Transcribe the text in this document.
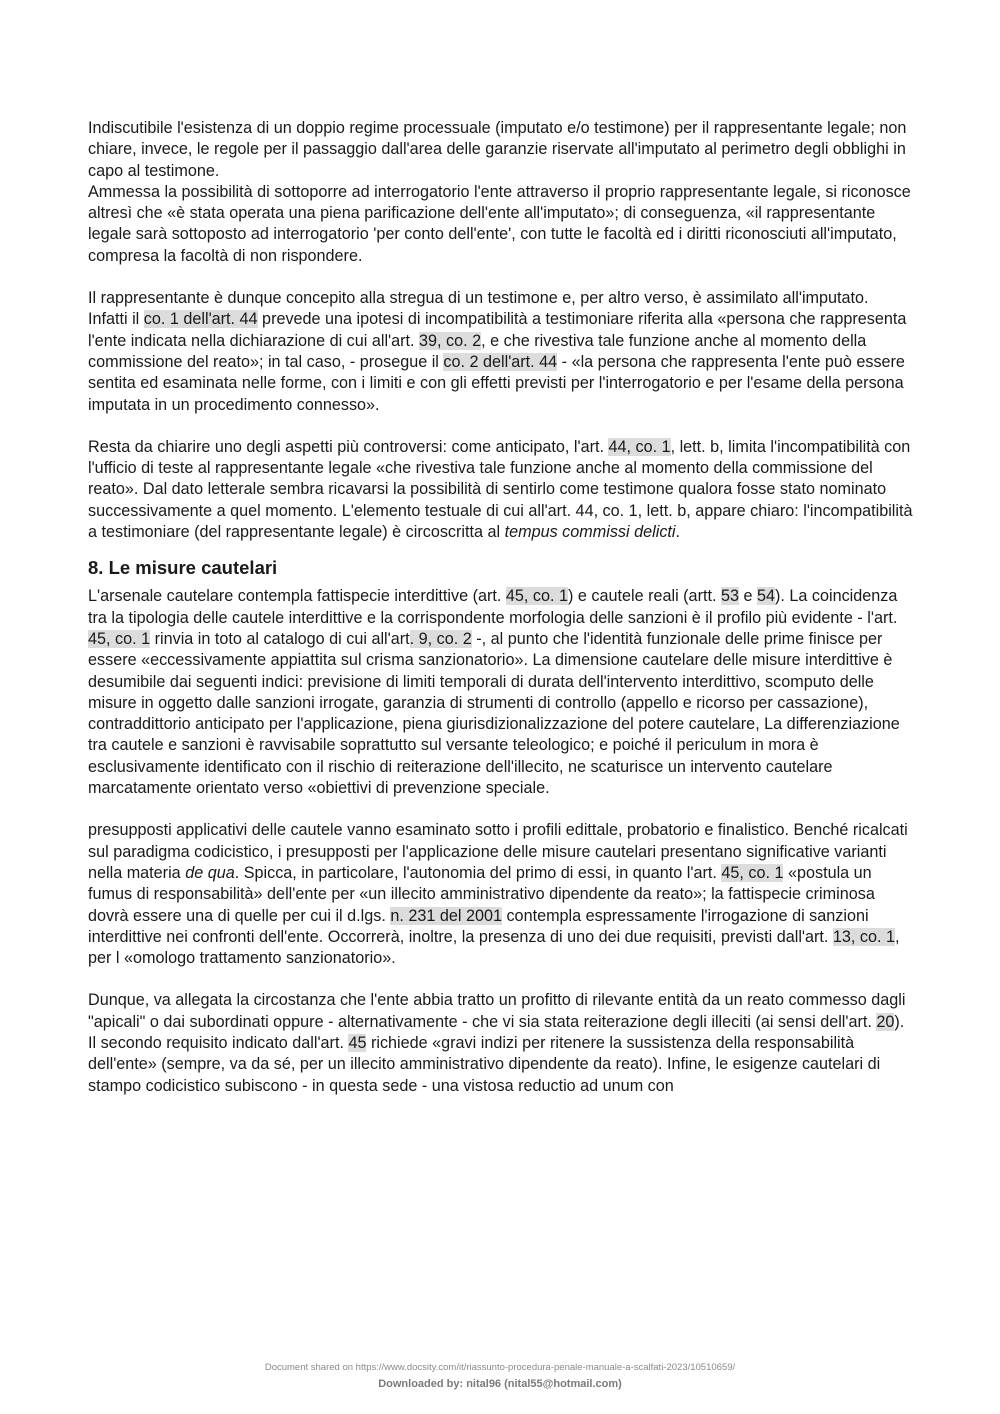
Indiscutibile l'esistenza di un doppio regime processuale (imputato e/o testimone) per il rappresentante legale; non chiare, invece, le regole per il passaggio dall'area delle garanzie riservate all'imputato al perimetro degli obblighi in capo al testimone.

Ammessa la possibilità di sottoporre ad interrogatorio l'ente attraverso il proprio rappresentante legale, si riconosce altresì che «è stata operata una piena parificazione dell'ente all'imputato»; di conseguenza, «il rappresentante legale sarà sottoposto ad interrogatorio 'per conto dell'ente', con tutte le facoltà ed i diritti riconosciuti all'imputato, compresa la facoltà di non rispondere.

Il rappresentante è dunque concepito alla stregua di un testimone e, per altro verso, è assimilato all'imputato.

Infatti il co. 1 dell'art. 44 prevede una ipotesi di incompatibilità a testimoniare riferita alla «persona che rappresenta l'ente indicata nella dichiarazione di cui all'art. 39, co. 2, e che rivestiva tale funzione anche al momento della commissione del reato»; in tal caso, - prosegue il co. 2 dell'art. 44 - «la persona che rappresenta l'ente può essere sentita ed esaminata nelle forme, con i limiti e con gli effetti previsti per l'interrogatorio e per l'esame della persona imputata in un procedimento connesso».

Resta da chiarire uno degli aspetti più controversi: come anticipato, l'art. 44, co. 1, lett. b, limita l'incompatibilità con l'ufficio di teste al rappresentante legale «che rivestiva tale funzione anche al momento della commissione del reato». Dal dato letterale sembra ricavarsi la possibilità di sentirlo come testimone qualora fosse stato nominato successivamente a quel momento. L'elemento testuale di cui all'art. 44, co. 1, lett. b, appare chiaro: l'incompatibilità a testimoniare (del rappresentante legale) è circoscritta al tempus commissi delicti.

8. Le misure cautelari

L'arsenale cautelare contempla fattispecie interdittive (art. 45, co. 1) e cautele reali (artt. 53 e 54). La coincidenza tra la tipologia delle cautele interdittive e la corrispondente morfologia delle sanzioni è il profilo più evidente - l'art. 45, co. 1 rinvia in toto al catalogo di cui all'art. 9, co. 2 -, al punto che l'identità funzionale delle prime finisce per essere «eccessivamente appiattita sul crisma sanzionatorio». La dimensione cautelare delle misure interdittive è desumibile dai seguenti indici: previsione di limiti temporali di durata dell'intervento interdittivo, scomputo delle misure in oggetto dalle sanzioni irrogate, garanzia di strumenti di controllo (appello e ricorso per cassazione), contraddittorio anticipato per l'applicazione, piena giurisdizionalizzazione del potere cautelare, La differenziazione tra cautele e sanzioni è ravvisabile soprattutto sul versante teleologico; e poiché il periculum in mora è esclusivamente identificato con il rischio di reiterazione dell'illecito, ne scaturisce un intervento cautelare marcatamente orientato verso «obiettivi di prevenzione speciale.

presupposti applicativi delle cautele vanno esaminato sotto i profili edittale, probatorio e finalistico. Benché ricalcati sul paradigma codicistico, i presupposti per l'applicazione delle misure cautelari presentano significative varianti nella materia de qua. Spicca, in particolare, l'autonomia del primo di essi, in quanto l'art. 45, co. 1 «postula un fumus di responsabilità» dell'ente per «un illecito amministrativo dipendente da reato»; la fattispecie criminosa dovrà essere una di quelle per cui il d.lgs. n. 231 del 2001 contempla espressamente l'irrogazione di sanzioni interdittive nei confronti dell'ente. Occorrerà, inoltre, la presenza di uno dei due requisiti, previsti dall'art. 13, co. 1, per l «omologo trattamento sanzionatorio».

Dunque, va allegata la circostanza che l'ente abbia tratto un profitto di rilevante entità da un reato commesso dagli "apicali" o dai subordinati oppure - alternativamente - che vi sia stata reiterazione degli illeciti (ai sensi dell'art. 20).

Il secondo requisito indicato dall'art. 45 richiede «gravi indizi per ritenere la sussistenza della responsabilità dell'ente» (sempre, va da sé, per un illecito amministrativo dipendente da reato). Infine, le esigenze cautelari di stampo codicistico subiscono - in questa sede - una vistosa reductio ad unum con

Document shared on https://www.docsity.com/it/riassunto-procedura-penale-manuale-a-scalfati-2023/10510659/
Downloaded by: nital96 (nital55@hotmail.com)
